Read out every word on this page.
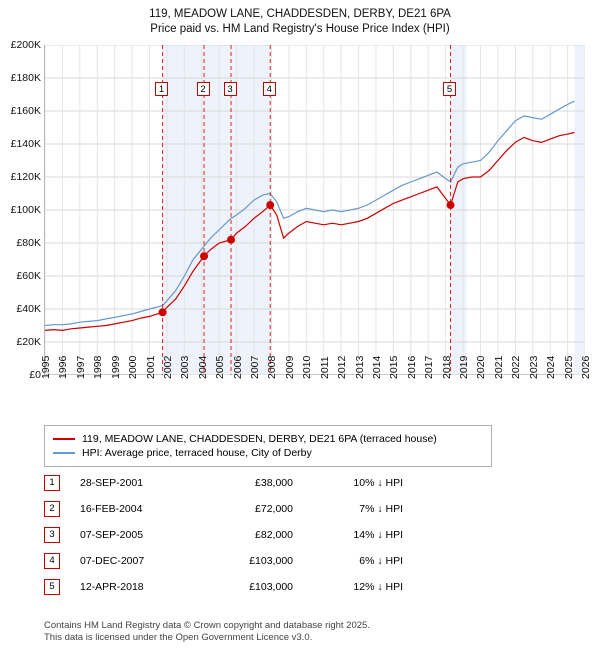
119, MEADOW LANE, CHADDESDEN, DERBY, DE21 6PA
Price paid vs. HM Land Registry's House Price Index (HPI)
£0
£20K
£40K
£60K
£80K
£100K
£120K
£140K
£160K
£180K
£200K
1	2	3	4	5
1995 1996 1997 1998 1999 2000 2001 2002 2003 2004 2005 2006 2007 2008 2009 2010 2011 2012 2013 2014 2015 2016 2017 2018 2019 2020 2021 2022 2023 2024 2025 2026
119, MEADOW LANE, CHADDESDEN, DERBY, DE21 6PA (terraced house)
HPI: Average price, terraced house, City of Derby
1	28-SEP-2001	£38,000	10% ↓ HPI
2	16-FEB-2004	£72,000	7% ↓ HPI
3	07-SEP-2005	£82,000	14% ↓ HPI
4	07-DEC-2007	£103,000	6% ↓ HPI
5	12-APR-2018	£103,000	12% ↓ HPI
Contains HM Land Registry data © Crown copyright and database right 2025.
This data is licensed under the Open Government Licence v3.0.
